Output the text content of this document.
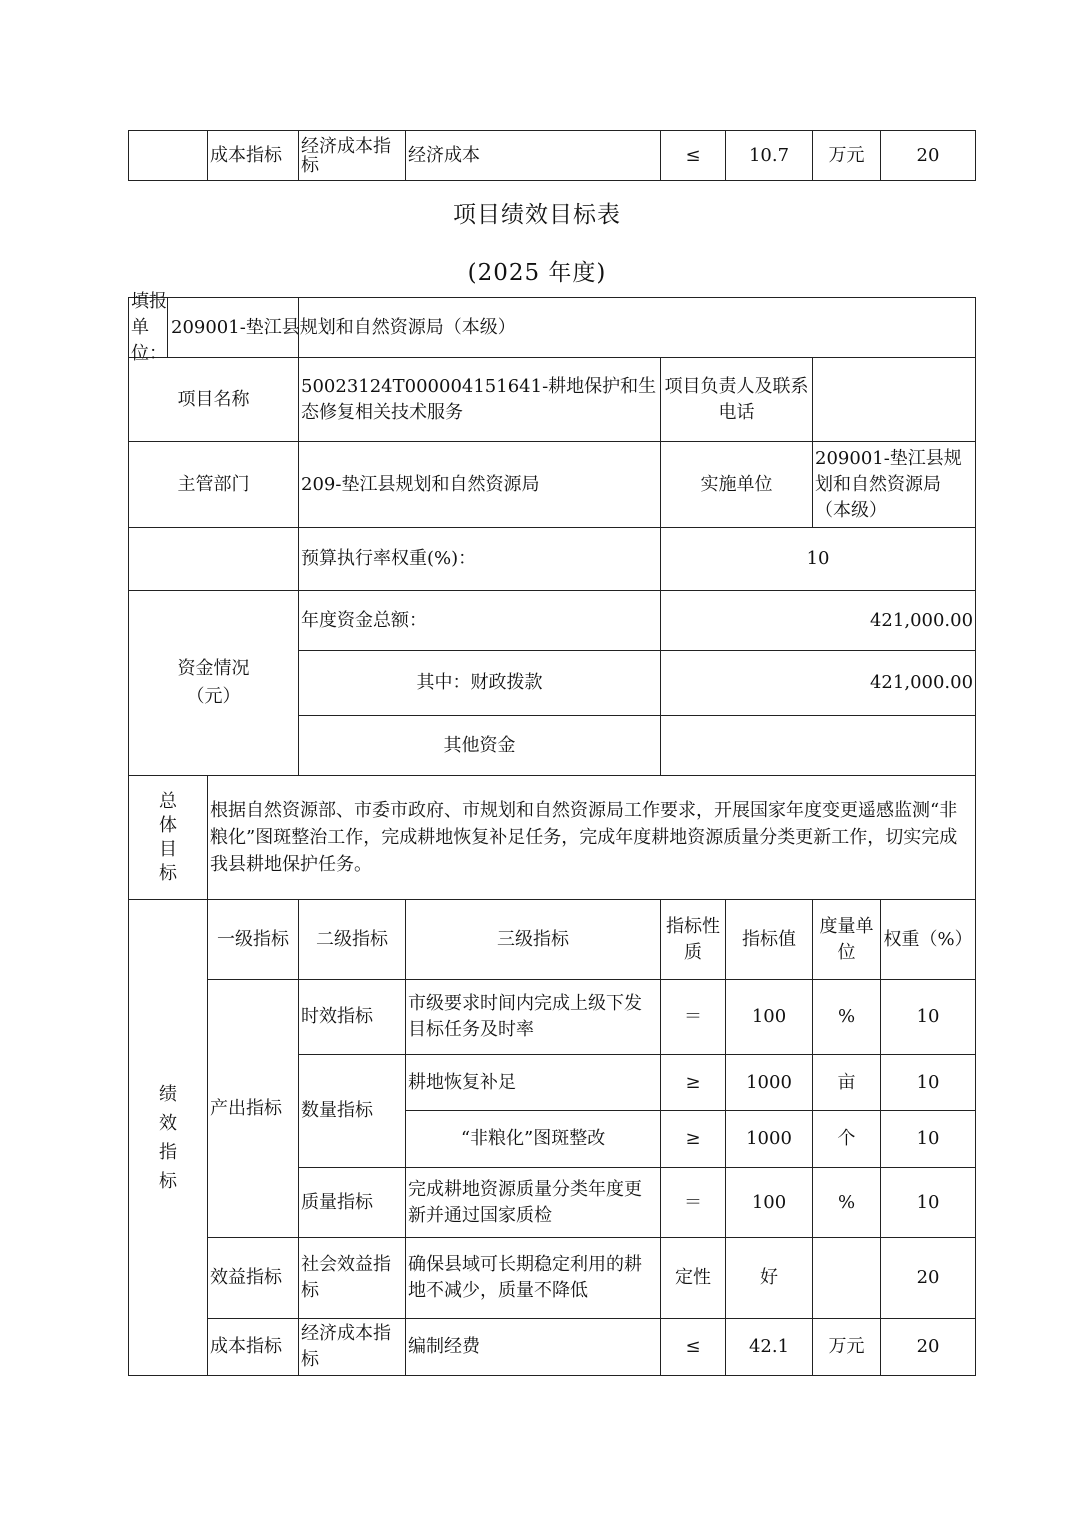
	成本指标	经济成本指标	经济成本	≤	10.7	万元	20
项目绩效目标表
(2025 年度)
填报单位：
209001-垫江县规划和自然资源局（本级）							

项目名称		50023124T000004151641-耕地保护和生态修复相关技术服务		项目负责人及联系电话			
主管部门		209-垫江县规划和自然资源局		实施单位		209001-垫江县规划和自然资源局（本级）	
		预算执行率权重(%)：		10			

资金情况（元）		年度资金总额：		421,000.00			
		其中：财政拨款		421,000.00			
		其他资金					

总体目标	根据自然资源部、市委市政府、市规划和自然资源局工作要求，开展国家年度变更遥感监测“非粮化”图斑整治工作，完成耕地恢复补足任务，完成年度耕地资源质量分类更新工作，切实完成我县耕地保护任务。						

绩效指标	一级指标	二级指标	三级指标	指标性质	指标值	度量单位	权重（%）
	产出指标	时效指标	市级要求时间内完成上级下发目标任务及时率	＝	100	%	10
		数量指标	耕地恢复补足	≥	1000	亩	10
			“非粮化”图斑整改	≥	1000	个	10
		质量指标	完成耕地资源质量分类年度更新并通过国家质检	＝	100	%	10
	效益指标	社会效益指标	确保县域可长期稳定利用的耕地不减少，质量不降低	定性	好		20
	成本指标	经济成本指标	编制经费	≤	42.1	万元	20
